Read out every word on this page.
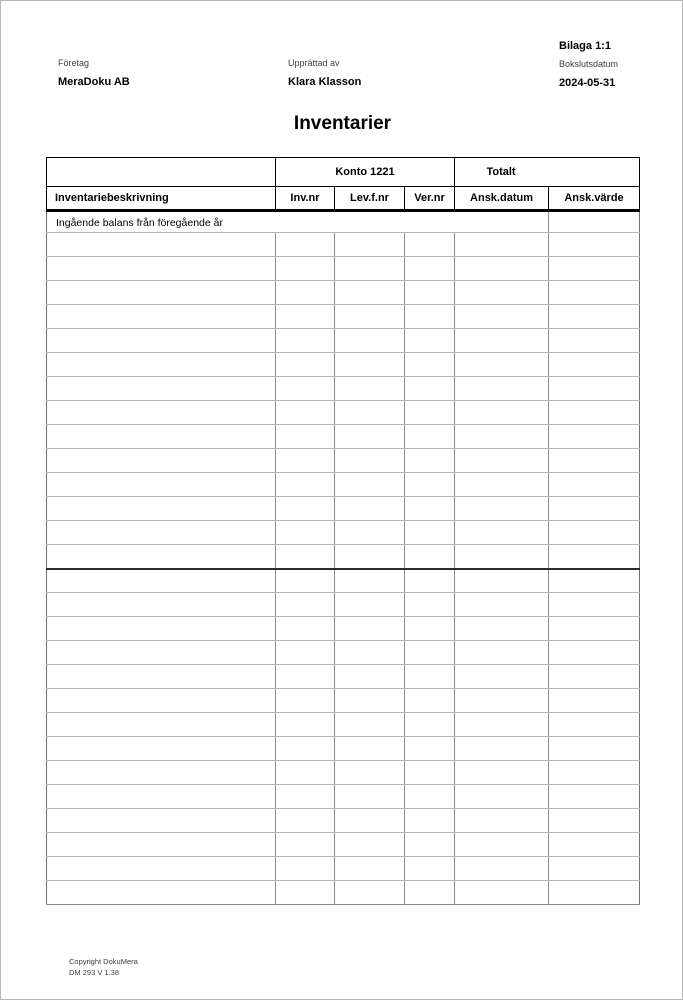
Företag
MeraDoku AB
Upprättad av
Klara Klasson
Bilaga 1:1
Bokslutsdatum
2024-05-31
Inventarier
	Konto 1221			Totalt	

Inventariebeskrivning	Inv.nr	Lev.f.nr	Ver.nr	Ansk.datum	Ansk.värde
Ingående balans från föregående år					

Copyright DokuMera
DM 293 V 1.38
